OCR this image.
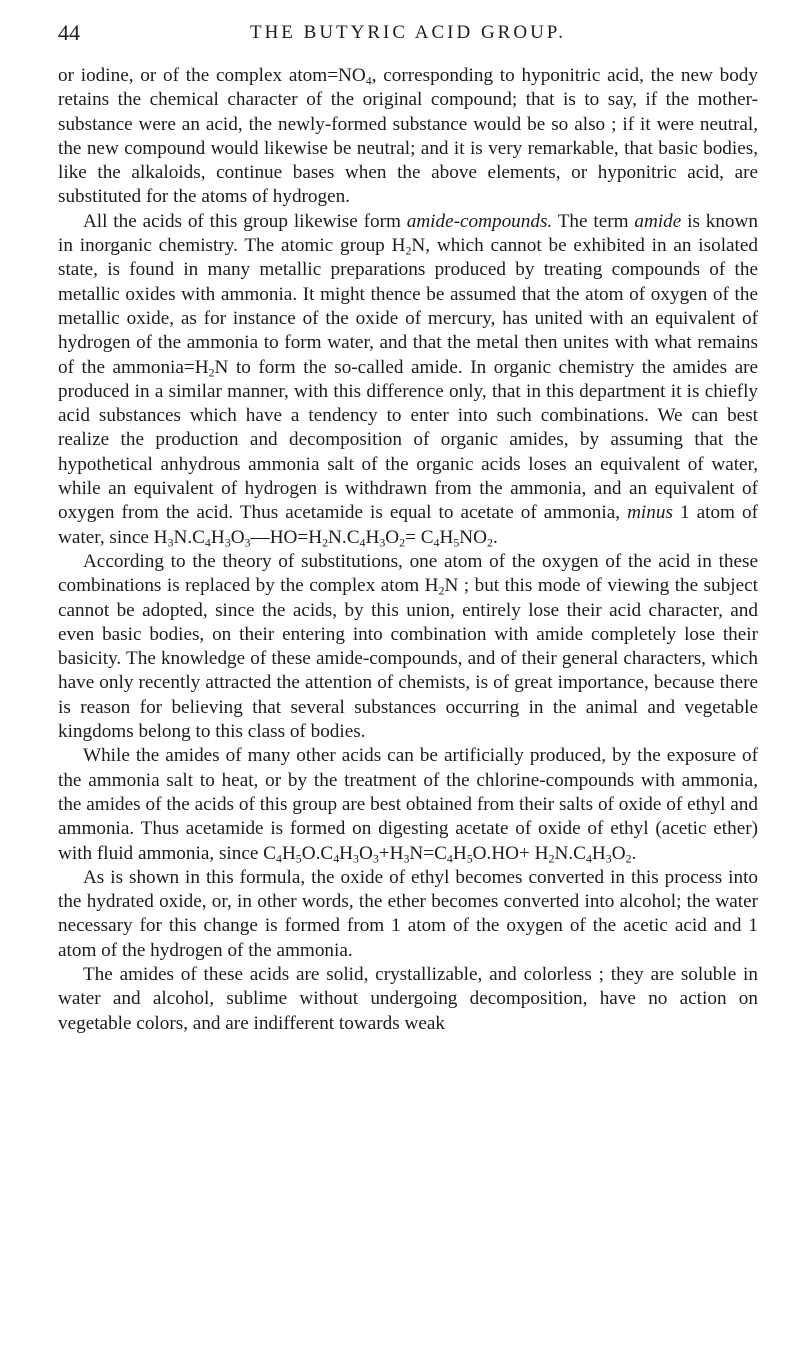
44	THE BUTYRIC ACID GROUP.

or iodine, or of the complex $atom=NO_4$, corresponding to hyponitric acid, the new body retains the chemical character of the original compound; that is to say, if the mother-substance were an acid, the newly-formed substance would be so also ; if it were neutral, the new compound would likewise be neutral; and it is very remarkable, that basic bodies, like the alkaloids, continue bases when the above elements, or hyponitric acid, are substituted for the atoms of hydrogen.

All the acids of this group likewise form amide-compounds. The term amide is known in inorganic chemistry. The atomic group $H_2N$, which cannot be exhibited in an isolated state, is found in many metallic preparations produced by treating compounds of the metallic oxides with ammonia. It might thence be assumed that the atom of oxygen of the metallic oxide, as for instance of the oxide of mercury, has united with an equivalent of hydrogen of the ammonia to form water, and that the metal then unites with what remains of the $ammonia=H_2N$ to form the so-called amide. In organic chemistry the amides are produced in a similar manner, with this difference only, that in this department it is chiefly acid substances which have a tendency to enter into such combinations. We can best realize the production and decomposition of organic amides, by assuming that the hypothetical anhydrous ammonia salt of the organic acids loses an equivalent of water, while an equivalent of hydrogen is withdrawn from the ammonia, and an equivalent of oxygen from the acid. Thus acetamide is equal to acetate of ammonia, minus 1 atom of water, since $H_3N.C_4H_3O_3—HO=H_2N.C_4H_3O_2= C_4H_5NO_2$.

According to the theory of substitutions, one atom of the oxygen of the acid in these combinations is replaced by the complex atom $H_2N$ ; but this mode of viewing the subject cannot be adopted, since the acids, by this union, entirely lose their acid character, and even basic bodies, on their entering into combination with amide completely lose their basicity. The knowledge of these amide-compounds, and of their general characters, which have only recently attracted the attention of chemists, is of great importance, because there is reason for believing that several substances occurring in the animal and vegetable kingdoms belong to this class of bodies.

While the amides of many other acids can be artificially produced, by the exposure of the ammonia salt to heat, or by the treatment of the chlorine-compounds with ammonia, the amides of the acids of this group are best obtained from their salts of oxide of ethyl and ammonia. Thus acetamide is formed on digesting acetate of oxide of ethyl (acetic ether) with fluid ammonia, since $C_4H_5O.C_4H_3O_3+H_3N=C_4H_5O.HO+ H_2N.C_4H_3O_2$.

As is shown in this formula, the oxide of ethyl becomes converted in this process into the hydrated oxide, or, in other words, the ether becomes converted into alcohol; the water necessary for this change is formed from 1 atom of the oxygen of the acetic acid and 1 atom of the hydrogen of the ammonia.

The amides of these acids are solid, crystallizable, and colorless ; they are soluble in water and alcohol, sublime without undergoing decomposition, have no action on vegetable colors, and are indifferent towards weak
